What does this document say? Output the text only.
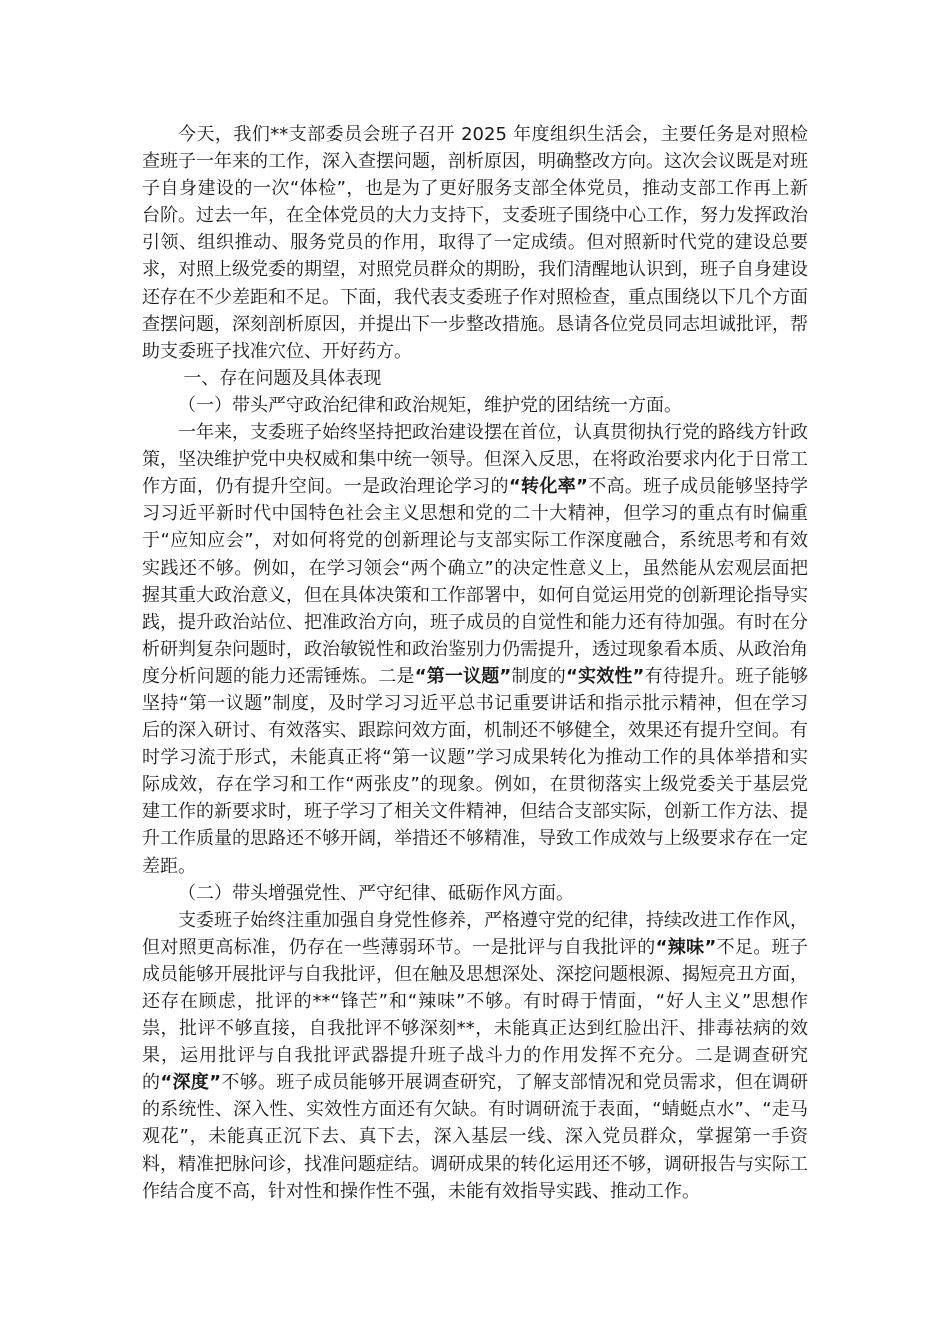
今天，我们**支部委员会班子召开 2025 年度组织生活会，主要任务是对照检查班子一年来的工作，深入查摆问题，剖析原因，明确整改方向。这次会议既是对班子自身建设的一次“体检”，也是为了更好服务支部全体党员，推动支部工作再上新台阶。过去一年，在全体党员的大力支持下，支委班子围绕中心工作，努力发挥政治引领、组织推动、服务党员的作用，取得了一定成绩。但对照新时代党的建设总要求，对照上级党委的期望，对照党员群众的期盼，我们清醒地认识到，班子自身建设还存在不少差距和不足。下面，我代表支委班子作对照检查，重点围绕以下几个方面查摆问题，深刻剖析原因，并提出下一步整改措施。恳请各位党员同志坦诚批评，帮助支委班子找准穴位、开好药方。

一、存在问题及具体表现

（一）带头严守政治纪律和政治规矩，维护党的团结统一方面。

一年来，支委班子始终坚持把政治建设摆在首位，认真贯彻执行党的路线方针政策，坚决维护党中央权威和集中统一领导。但深入反思，在将政治要求内化于日常工作方面，仍有提升空间。一是政治理论学习的“转化率”不高。班子成员能够坚持学习习近平新时代中国特色社会主义思想和党的二十大精神，但学习的重点有时偏重于“应知应会”，对如何将党的创新理论与支部实际工作深度融合，系统思考和有效实践还不够。例如，在学习领会“两个确立”的决定性意义上，虽然能从宏观层面把握其重大政治意义，但在具体决策和工作部署中，如何自觉运用党的创新理论指导实践，提升政治站位、把准政治方向，班子成员的自觉性和能力还有待加强。有时在分析研判复杂问题时，政治敏锐性和政治鉴别力仍需提升，透过现象看本质、从政治角度分析问题的能力还需锤炼。二是“第一议题”制度的“实效性”有待提升。班子能够坚持“第一议题”制度，及时学习习近平总书记重要讲话和指示批示精神，但在学习后的深入研讨、有效落实、跟踪问效方面，机制还不够健全，效果还有提升空间。有时学习流于形式，未能真正将“第一议题”学习成果转化为推动工作的具体举措和实际成效，存在学习和工作“两张皮”的现象。例如，在贯彻落实上级党委关于基层党建工作的新要求时，班子学习了相关文件精神，但结合支部实际，创新工作方法、提升工作质量的思路还不够开阔，举措还不够精准，导致工作成效与上级要求存在一定差距。

（二）带头增强党性、严守纪律、砥砺作风方面。

支委班子始终注重加强自身党性修养，严格遵守党的纪律，持续改进工作作风，但对照更高标准，仍存在一些薄弱环节。一是批评与自我批评的“辣味”不足。班子成员能够开展批评与自我批评，但在触及思想深处、深挖问题根源、揭短亮丑方面，还存在顾虑，批评的**“锋芒”和“辣味”不够。有时碍于情面，“好人主义”思想作祟，批评不够直接，自我批评不够深刻**，未能真正达到红脸出汗、排毒祛病的效果，运用批评与自我批评武器提升班子战斗力的作用发挥不充分。二是调查研究的“深度”不够。班子成员能够开展调查研究，了解支部情况和党员需求，但在调研的系统性、深入性、实效性方面还有欠缺。有时调研流于表面，“蜻蜓点水”、“走马观花”，未能真正沉下去、真下去，深入基层一线、深入党员群众，掌握第一手资料，精准把脉问诊，找准问题症结。调研成果的转化运用还不够，调研报告与实际工作结合度不高，针对性和操作性不强，未能有效指导实践、推动工作。
